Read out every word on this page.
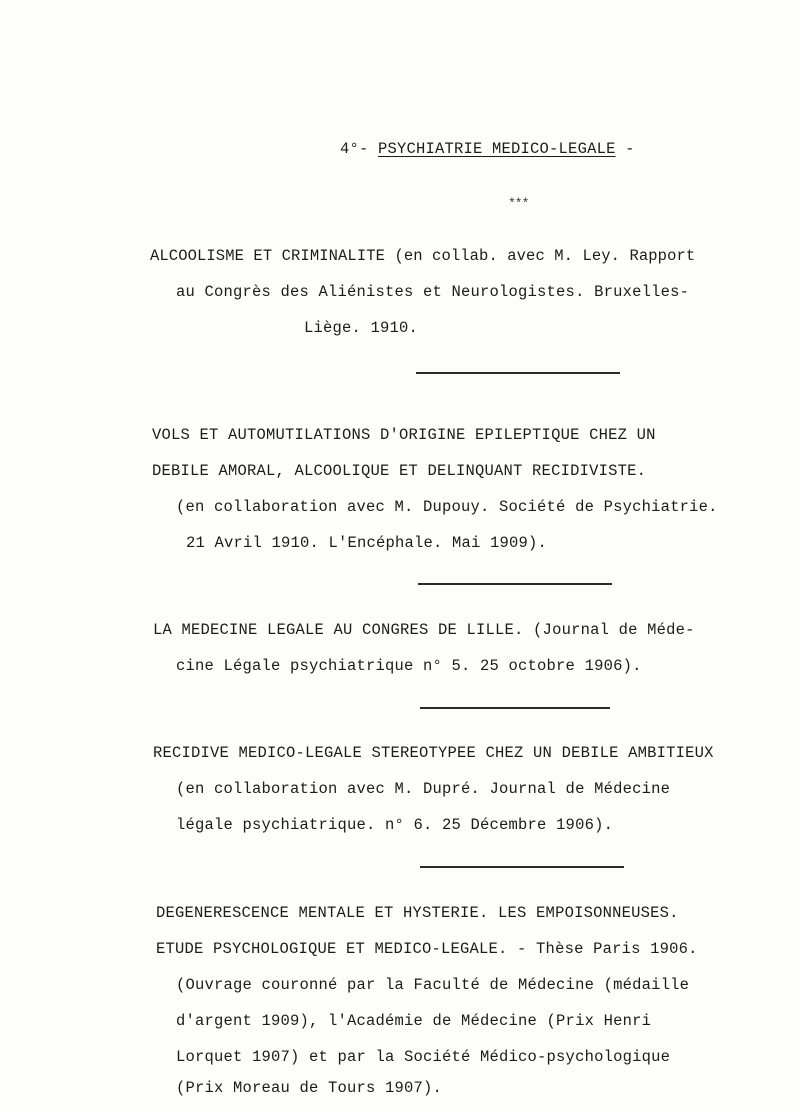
4°- PSYCHIATRIE MEDICO-LEGALE -
***
ALCOOLISME ET CRIMINALITE (en collab. avec M. Ley. Rapport
au Congrès des Aliénistes et Neurologistes. Bruxelles-
Liège. 1910.
VOLS ET AUTOMUTILATIONS D'ORIGINE EPILEPTIQUE CHEZ UN
DEBILE AMORAL, ALCOOLIQUE ET DELINQUANT RECIDIVISTE.
(en collaboration avec M. Dupouy. Société de Psychiatrie.
21 Avril 1910. L'Encéphale. Mai 1909).
LA MEDECINE LEGALE AU CONGRES DE LILLE. (Journal de Méde-
cine Légale psychiatrique n° 5. 25 octobre 1906).
RECIDIVE MEDICO-LEGALE STEREOTYPEE CHEZ UN DEBILE AMBITIEUX
(en collaboration avec M. Dupré. Journal de Médecine
légale psychiatrique. n° 6. 25 Décembre 1906).
DEGENERESCENCE MENTALE ET HYSTERIE. LES EMPOISONNEUSES.
ETUDE PSYCHOLOGIQUE ET MEDICO-LEGALE. - Thèse Paris 1906.
(Ouvrage couronné par la Faculté de Médecine (médaille
d'argent 1909), l'Académie de Médecine (Prix Henri
Lorquet 1907) et par la Société Médico-psychologique
(Prix Moreau de Tours 1907).
